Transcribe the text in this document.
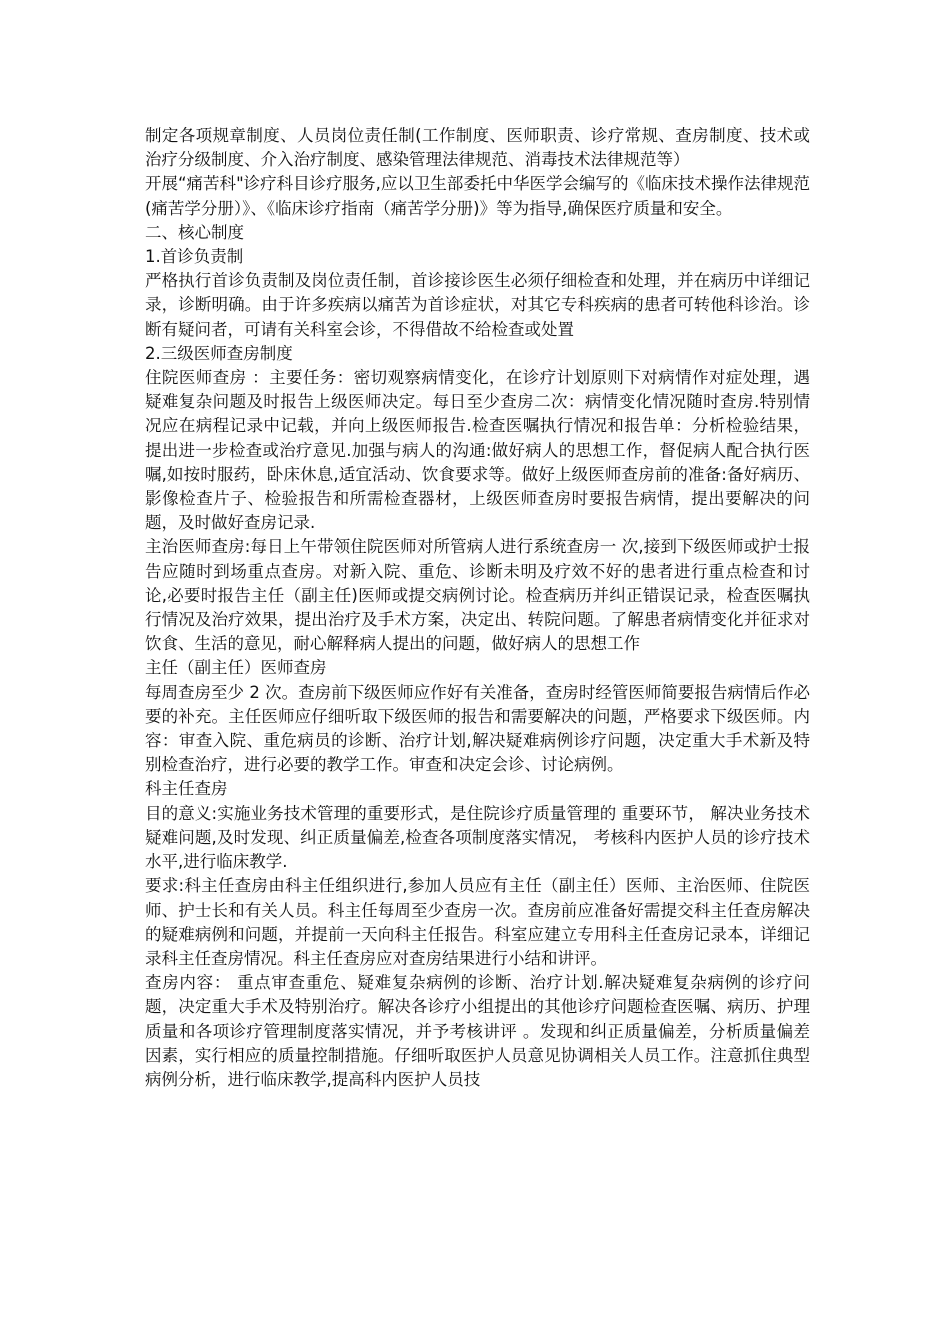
制定各项规章制度、人员岗位责任制(工作制度、医师职责、诊疗常规、查房制度、技术或治疗分级制度、介入治疗制度、感染管理法律规范、消毒技术法律规范等）

开展“痛苦科"诊疗科目诊疗服务,应以卫生部委托中华医学会编写的《临床技术操作法律规范(痛苦学分册）》、《临床诊疗指南（痛苦学分册)》等为指导,确保医疗质量和安全。

二、核心制度

1.首诊负责制

严格执行首诊负责制及岗位责任制，首诊接诊医生必须仔细检查和处理，并在病历中详细记录，诊断明确。由于许多疾病以痛苦为首诊症状，对其它专科疾病的患者可转他科诊治。诊断有疑问者，可请有关科室会诊，不得借故不给检查或处置

2.三级医师查房制度

住院医师查房 ：主要任务：密切观察病情变化，在诊疗计划原则下对病情作对症处理，遇疑难复杂问题及时报告上级医师决定。每日至少查房二次：病情变化情况随时查房.特别情况应在病程记录中记载，并向上级医师报告.检查医嘱执行情况和报告单：分析检验结果，提出进一步检查或治疗意见.加强与病人的沟通:做好病人的思想工作，督促病人配合执行医嘱,如按时服药，卧床休息,适宜活动、饮食要求等。做好上级医师查房前的准备:备好病历、影像检查片子、检验报告和所需检查器材，上级医师查房时要报告病情，提出要解决的问题，及时做好查房记录.

主治医师查房:每日上午带领住院医师对所管病人进行系统查房一 次,接到下级医师或护士报告应随时到场重点查房。对新入院、重危、诊断未明及疗效不好的患者进行重点检查和讨论,必要时报告主任（副主任)医师或提交病例讨论。检查病历并纠正错误记录，检查医嘱执行情况及治疗效果，提出治疗及手术方案，决定出、转院问题。了解患者病情变化并征求对饮食、生活的意见，耐心解释病人提出的问题，做好病人的思想工作

主任（副主任）医师查房

每周查房至少 2 次。查房前下级医师应作好有关准备，查房时经管医师简要报告病情后作必要的补充。主任医师应仔细听取下级医师的报告和需要解决的问题，严格要求下级医师。内容：审查入院、重危病员的诊断、治疗计划,解决疑难病例诊疗问题，决定重大手术新及特别检查治疗，进行必要的教学工作。审查和决定会诊、讨论病例。

科主任查房

目的意义:实施业务技术管理的重要形式，是住院诊疗质量管理的 重要环节， 解决业务技术疑难问题,及时发现、纠正质量偏差,检查各项制度落实情况， 考核科内医护人员的诊疗技术水平,进行临床教学.

要求:科主任查房由科主任组织进行,参加人员应有主任（副主任）医师、主治医师、住院医师、护士长和有关人员。科主任每周至少查房一次。查房前应准备好需提交科主任查房解决的疑难病例和问题，并提前一天向科主任报告。科室应建立专用科主任查房记录本，详细记录科主任查房情况。科主任查房应对查房结果进行小结和讲评。

查房内容： 重点审查重危、疑难复杂病例的诊断、治疗计划.解决疑难复杂病例的诊疗问题，决定重大手术及特别治疗。解决各诊疗小组提出的其他诊疗问题检查医嘱、病历、护理质量和各项诊疗管理制度落实情况，并予考核讲评 。发现和纠正质量偏差，分析质量偏差因素，实行相应的质量控制措施。仔细听取医护人员意见协调相关人员工作。注意抓住典型病例分析，进行临床教学,提高科内医护人员技
